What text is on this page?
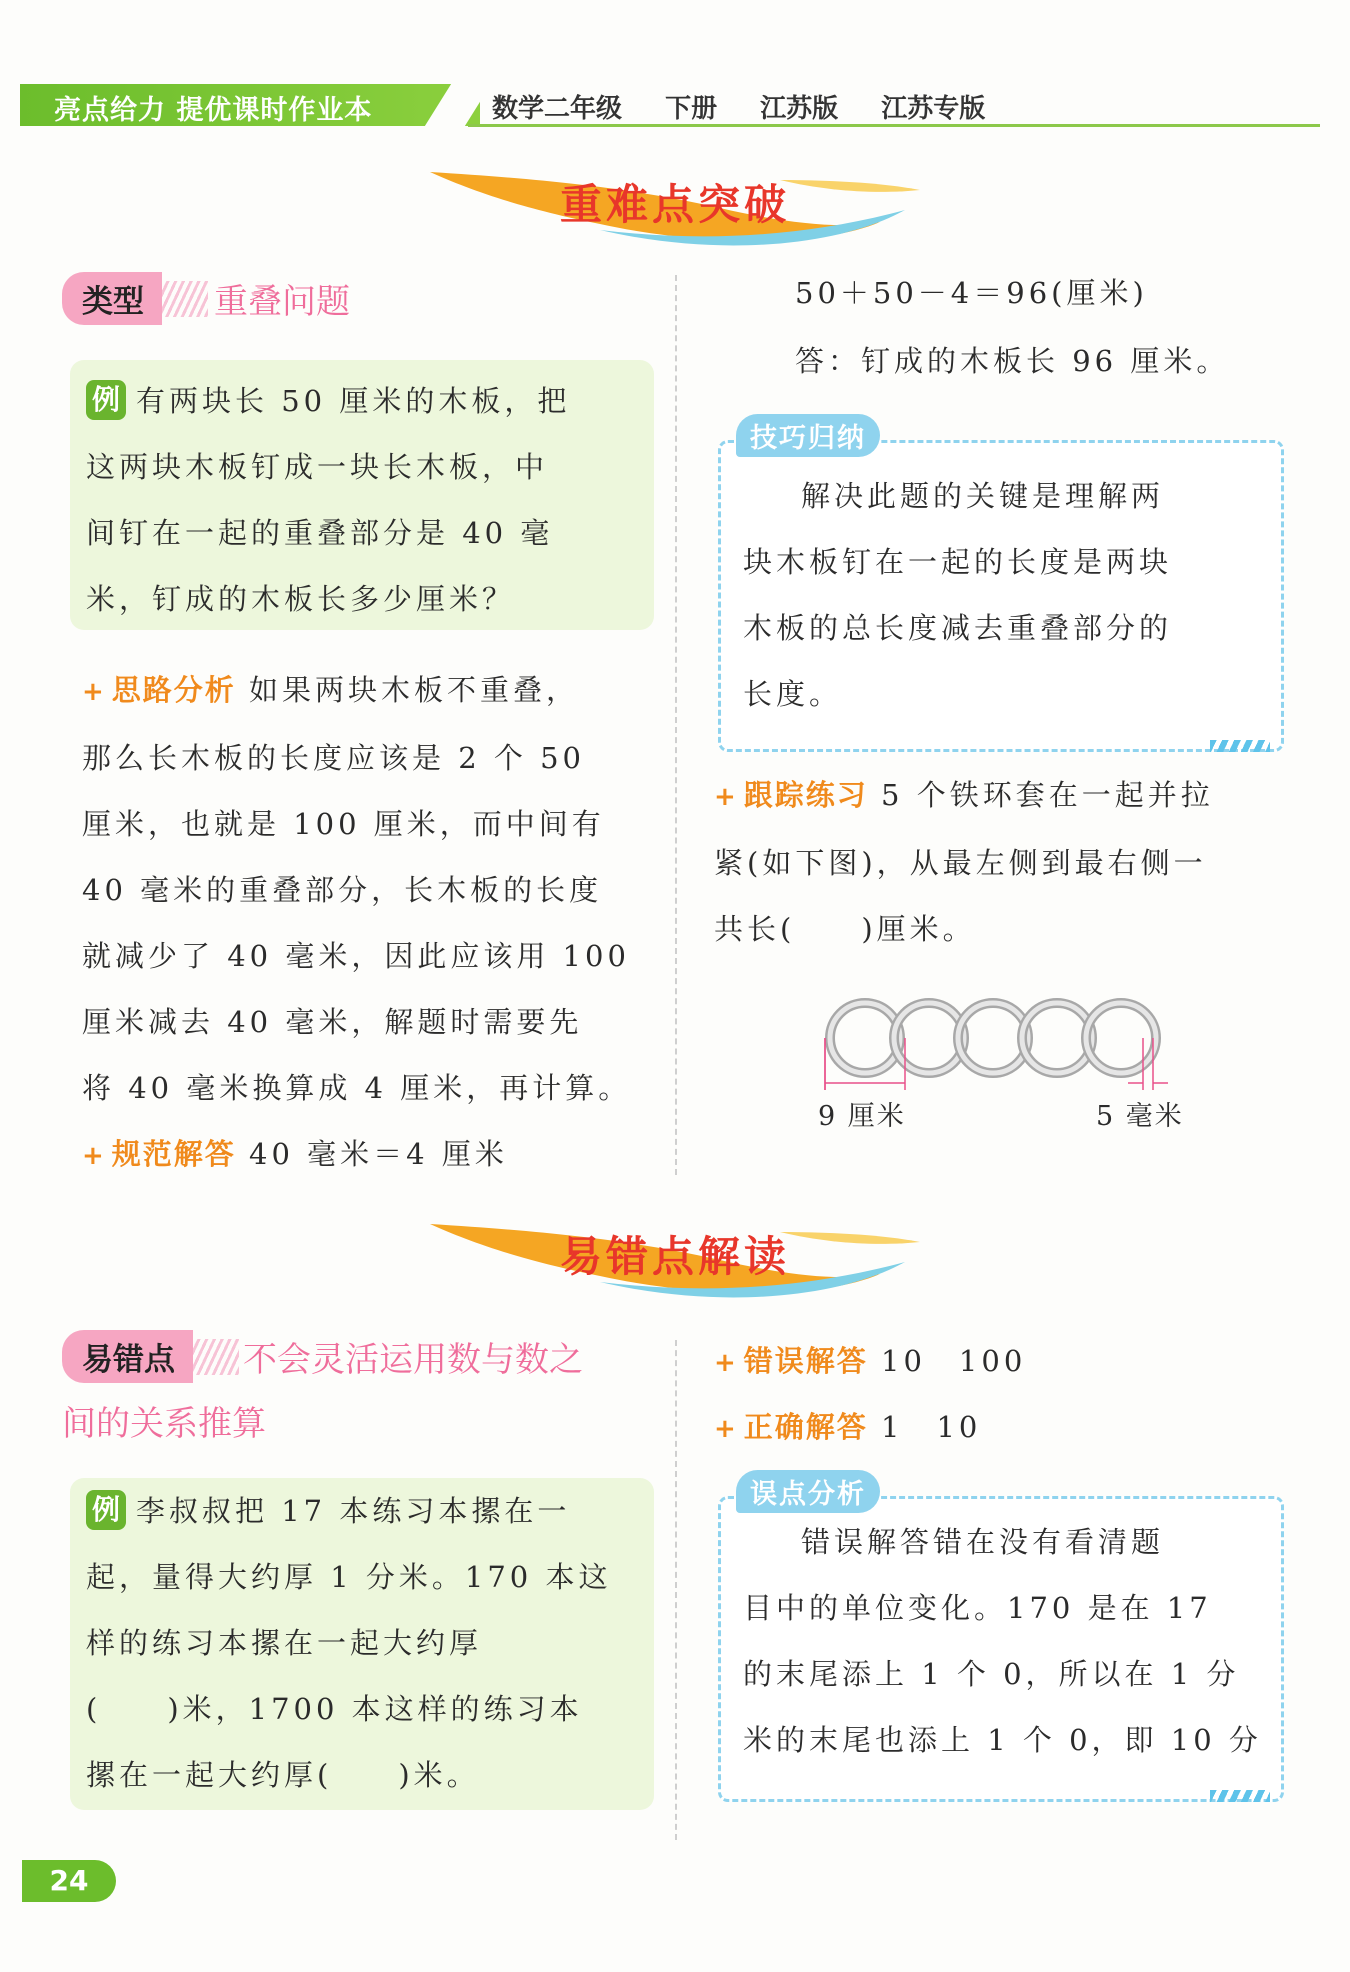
亮点给力 提优课时作业本	数学二年级 下册 江苏版 江苏专版
重难点突破
类型	重叠问题
例 有两块长 50 厘米的木板，把
这两块木板钉成一块长木板，中
间钉在一起的重叠部分是 40 毫
米，钉成的木板长多少厘米？
+ 思路分析 如果两块木板不重叠，
那么长木板的长度应该是 2 个 50
厘米，也就是 100 厘米，而中间有
40 毫米的重叠部分，长木板的长度
就减少了 40 毫米，因此应该用 100
厘米减去 40 毫米，解题时需要先
将 40 毫米换算成 4 厘米，再计算。
+ 规范解答 40 毫米＝4 厘米
50＋50－4＝96(厘米)
答：钉成的木板长 96 厘米。
解决此题的关键是理解两
块木板钉在一起的长度是两块
木板的总长度减去重叠部分的
长度。
技巧归纳
+ 跟踪练习 5 个铁环套在一起并拉
紧(如下图)，从最左侧到最右侧一
共长(　　)厘米。
9 厘米	5 毫米
易错点解读
易错点	不会灵活运用数与数之
间的关系推算
例 李叔叔把 17 本练习本摞在一
起，量得大约厚 1 分米。170 本这
样的练习本摞在一起大约厚
(　　)米，1700 本这样的练习本
摞在一起大约厚(　　)米。
+ 错误解答 10　100
+ 正确解答 1　10
错误解答错在没有看清题
目中的单位变化。170 是在 17
的末尾添上 1 个 0，所以在 1 分
米的末尾也添上 1 个 0，即 10 分
误点分析
24
